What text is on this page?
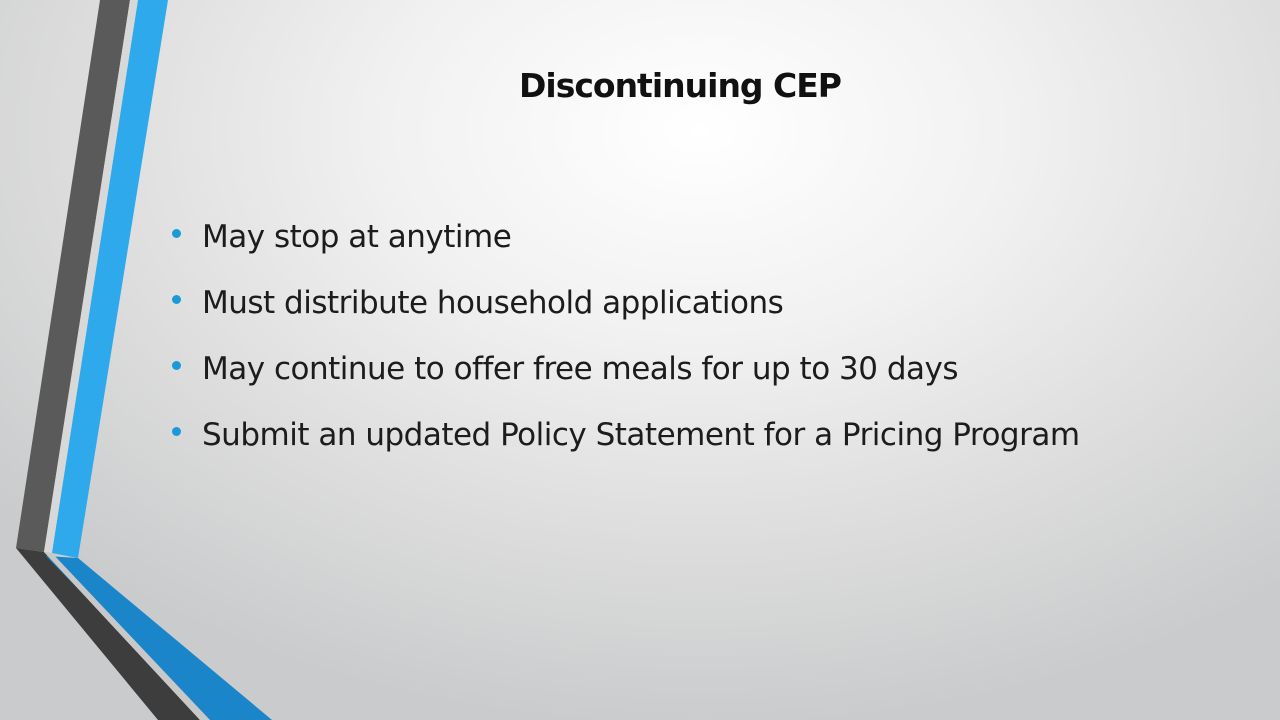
Discontinuing CEP
May stop at anytime
Must distribute household applications
May continue to offer free meals for up to 30 days
Submit an updated Policy Statement for a Pricing Program
